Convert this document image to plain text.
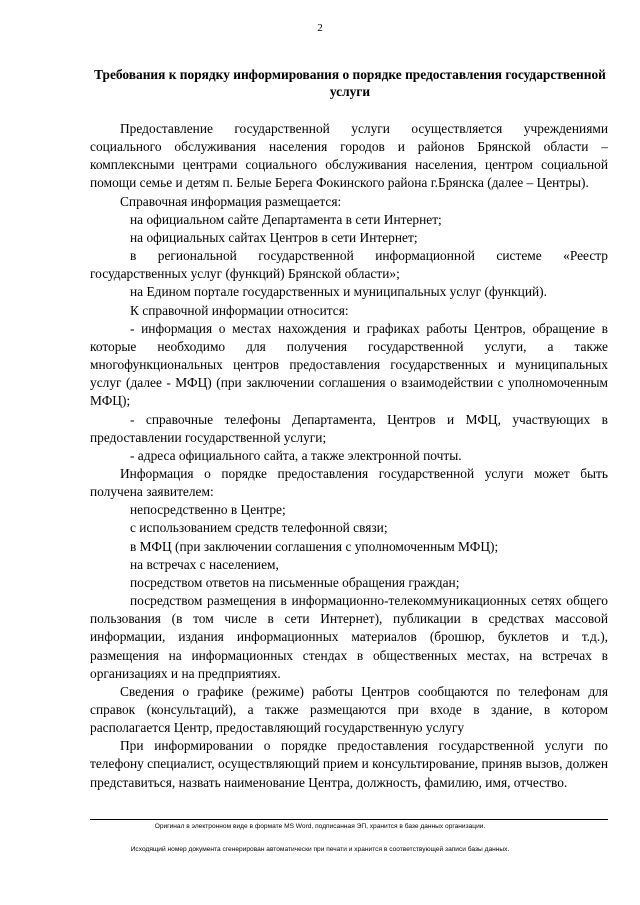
2
Требования к порядку информирования о порядке предоставления государственной услуги

Предоставление государственной услуги осуществляется учреждениями социального обслуживания населения городов и районов Брянской области – комплексными центрами социального обслуживания населения, центром социальной помощи семье и детям п. Белые Берега Фокинского района г.Брянска (далее – Центры).

Справочная информация размещается:

на официальном сайте Департамента в сети Интернет;

на официальных сайтах Центров в сети Интернет;

в региональной государственной информационной системе «Реестр государственных услуг (функций) Брянской области»;

на Едином портале государственных и муниципальных услуг (функций).

К справочной информации относится:

- информация о местах нахождения и графиках работы Центров, обращение в которые необходимо для получения государственной услуги, а также многофункциональных центров предоставления государственных и муниципальных услуг (далее - МФЦ) (при заключении соглашения о взаимодействии с уполномоченным МФЦ);

- справочные телефоны Департамента, Центров и МФЦ, участвующих в предоставлении государственной услуги;

- адреса официального сайта, а также электронной почты.

Информация о порядке предоставления государственной услуги может быть получена заявителем:

непосредственно в Центре;

с использованием средств телефонной связи;

в МФЦ (при заключении соглашения с уполномоченным МФЦ);

на встречах с населением,

посредством ответов на письменные обращения граждан;

посредством размещения в информационно-телекоммуникационных сетях общего пользования (в том числе в сети Интернет), публикации в средствах массовой информации, издания информационных материалов (брошюр, буклетов и т.д.), размещения на информационных стендах в общественных местах, на встречах в организациях и на предприятиях.

Сведения о графике (режиме) работы Центров сообщаются по телефонам для справок (консультаций), а также размещаются при входе в здание, в котором располагается Центр, предоставляющий государственную услугу

При информировании о порядке предоставления государственной услуги по телефону специалист, осуществляющий прием и консультирование, приняв вызов, должен представиться, назвать наименование Центра, должность, фамилию, имя, отчество.

Оригинал в электронном виде в формате MS Word, подписанная ЭП, хранится в базе данных организации.
Исходящий номер документа сгенерирован автоматически при печати и хранится в соответствующей записи базы данных.
